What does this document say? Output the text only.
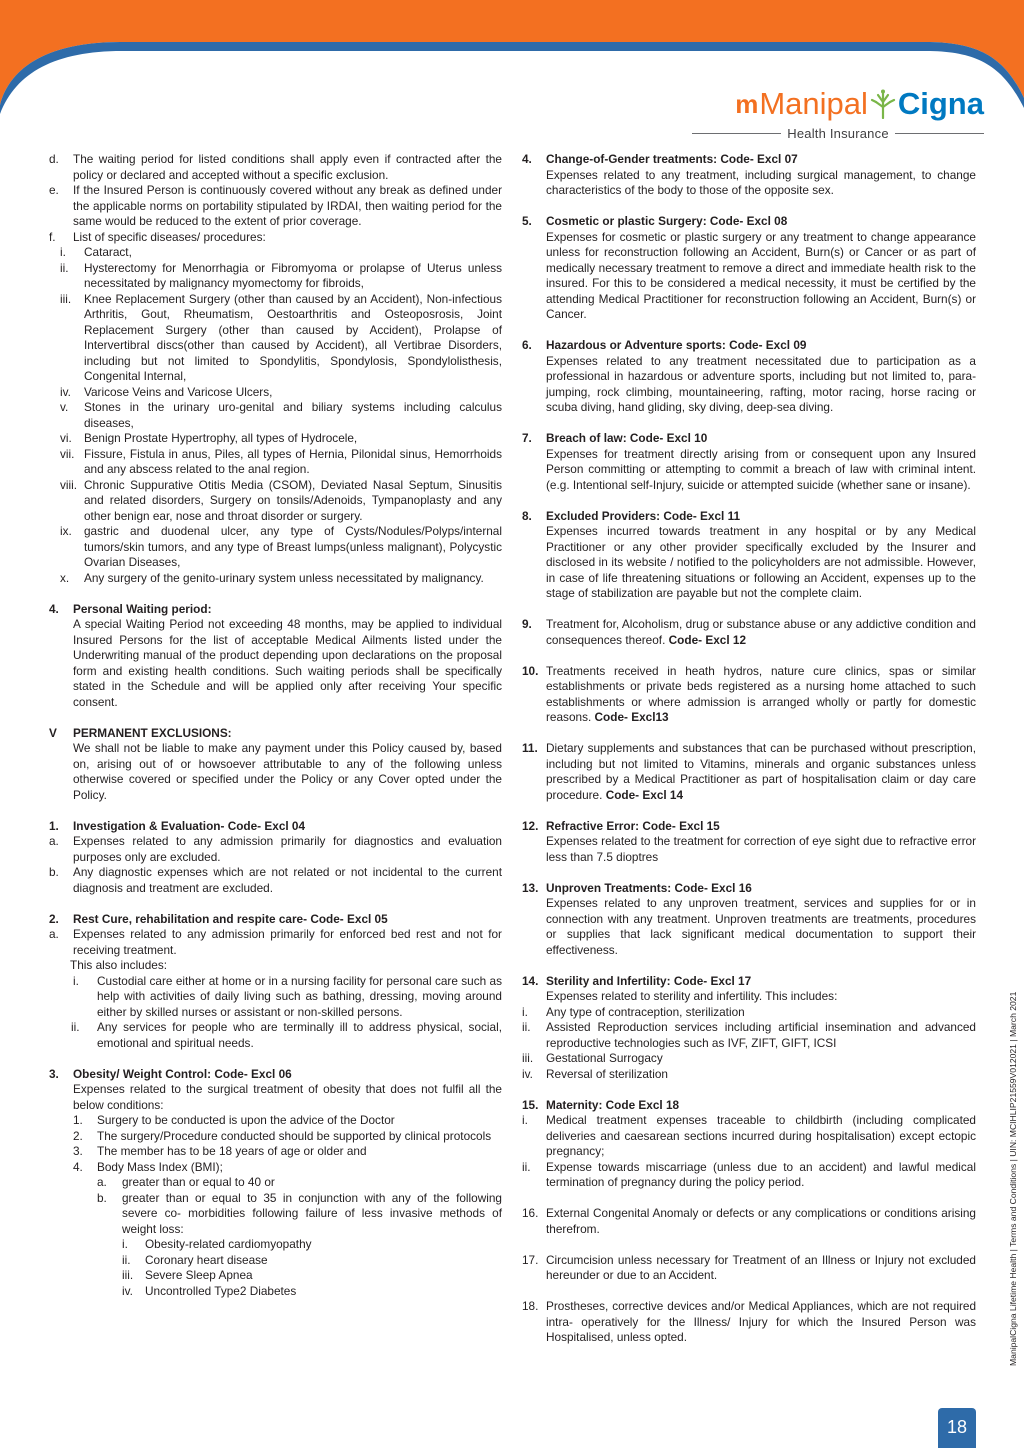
m Manipal Cigna
Health Insurance
d.	The waiting period for listed conditions shall apply even if contracted after the policy or declared and accepted without a specific exclusion.
e.	If the Insured Person is continuously covered without any break as defined under the applicable norms on portability stipulated by IRDAI, then waiting period for the same would be reduced to the extent of prior coverage.
f.	List of specific diseases/ procedures:
i.	Cataract,
ii.	Hysterectomy for Menorrhagia or Fibromyoma or prolapse of Uterus unless necessitated by malignancy myomectomy for fibroids,
iii.	Knee Replacement Surgery (other than caused by an Accident), Non-infectious Arthritis, Gout, Rheumatism, Oestoarthritis and Osteoposrosis, Joint Replacement Surgery (other than caused by Accident), Prolapse of Intervertibral discs(other than caused by Accident), all Vertibrae Disorders, including but not limited to Spondylitis, Spondylosis, Spondylolisthesis, Congenital Internal,
iv.	Varicose Veins and Varicose Ulcers,
v.	Stones in the urinary uro-genital and biliary systems including calculus diseases,
vi.	Benign Prostate Hypertrophy, all types of Hydrocele,
vii. Fissure, Fistula in anus, Piles, all types of Hernia, Pilonidal sinus, Hemorrhoids and any abscess related to the anal region.
viii. Chronic Suppurative Otitis Media (CSOM), Deviated Nasal Septum, Sinusitis and related disorders, Surgery on tonsils/Adenoids, Tympanoplasty and any other benign ear, nose and throat disorder or surgery.
ix.	gastric and duodenal ulcer, any type of Cysts/Nodules/Polyps/internal tumors/skin tumors, and any type of Breast lumps(unless malignant), Polycystic Ovarian Diseases,
x.	Any surgery of the genito-urinary system unless necessitated by malignancy.
4.	Personal Waiting period:
A special Waiting Period not exceeding 48 months, may be applied to individual Insured Persons for the list of acceptable Medical Ailments listed under the Underwriting manual of the product depending upon declarations on the proposal form and existing health conditions. Such waiting periods shall be specifically stated in the Schedule and will be applied only after receiving Your specific consent.
V	PERMANENT EXCLUSIONS:
We shall not be liable to make any payment under this Policy caused by, based on, arising out of or howsoever attributable to any of the following unless otherwise covered or specified under the Policy or any Cover opted under the Policy.
1.	Investigation & Evaluation- Code- Excl 04
a.	Expenses related to any admission primarily for diagnostics and evaluation purposes only are excluded.
b.	Any diagnostic expenses which are not related or not incidental to the current diagnosis and treatment are excluded.
2.	Rest Cure, rehabilitation and respite care- Code- Excl 05
a.	Expenses related to any admission primarily for enforced bed rest and not for receiving treatment.
This also includes:
i.	Custodial care either at home or in a nursing facility for personal care such as help with activities of daily living such as bathing, dressing, moving around either by skilled nurses or assistant or non-skilled persons.
ii.	Any services for people who are terminally ill to address physical, social, emotional and spiritual needs.
3.	Obesity/ Weight Control: Code- Excl 06
Expenses related to the surgical treatment of obesity that does not fulfil all the below conditions:
1.	Surgery to be conducted is upon the advice of the Doctor
2.	The surgery/Procedure conducted should be supported by clinical protocols
3.	The member has to be 18 years of age or older and
4.	Body Mass Index (BMI);
a.	greater than or equal to 40 or
b.	greater than or equal to 35 in conjunction with any of the following severe co- morbidities following failure of less invasive methods of weight loss:
i.	Obesity-related cardiomyopathy
ii.	Coronary heart disease
iii.	Severe Sleep Apnea
iv.	Uncontrolled Type2 Diabetes
4.	Change-of-Gender treatments: Code- Excl 07
Expenses related to any treatment, including surgical management, to change characteristics of the body to those of the opposite sex.
5.	Cosmetic or plastic Surgery: Code- Excl 08
Expenses for cosmetic or plastic surgery or any treatment to change appearance unless for reconstruction following an Accident, Burn(s) or Cancer or as part of medically necessary treatment to remove a direct and immediate health risk to the insured. For this to be considered a medical necessity, it must be certified by the attending Medical Practitioner for reconstruction following an Accident, Burn(s) or Cancer.
6.	Hazardous or Adventure sports: Code- Excl 09
Expenses related to any treatment necessitated due to participation as a professional in hazardous or adventure sports, including but not limited to, para-jumping, rock climbing, mountaineering, rafting, motor racing, horse racing or scuba diving, hand gliding, sky diving, deep-sea diving.
7.	Breach of law: Code- Excl 10
Expenses for treatment directly arising from or consequent upon any Insured Person committing or attempting to commit a breach of law with criminal intent. (e.g. Intentional self-Injury, suicide or attempted suicide (whether sane or insane).
8.	Excluded Providers: Code- Excl 11
Expenses incurred towards treatment in any hospital or by any Medical Practitioner or any other provider specifically excluded by the Insurer and disclosed in its website / notified to the policyholders are not admissible. However, in case of life threatening situations or following an Accident, expenses up to the stage of stabilization are payable but not the complete claim.
9.	Treatment for, Alcoholism, drug or substance abuse or any addictive condition and consequences thereof. Code- Excl 12
10. Treatments received in heath hydros, nature cure clinics, spas or similar establishments or private beds registered as a nursing home attached to such establishments or where admission is arranged wholly or partly for domestic reasons. Code- Excl13
11. Dietary supplements and substances that can be purchased without prescription, including but not limited to Vitamins, minerals and organic substances unless prescribed by a Medical Practitioner as part of hospitalisation claim or day care procedure. Code- Excl 14
12. Refractive Error: Code- Excl 15
Expenses related to the treatment for correction of eye sight due to refractive error less than 7.5 dioptres
13. Unproven Treatments: Code- Excl 16
Expenses related to any unproven treatment, services and supplies for or in connection with any treatment. Unproven treatments are treatments, procedures or supplies that lack significant medical documentation to support their effectiveness.
14. Sterility and Infertility: Code- Excl 17
Expenses related to sterility and infertility. This includes:
i.	Any type of contraception, sterilization
ii.	Assisted Reproduction services including artificial insemination and advanced reproductive technologies such as IVF, ZIFT, GIFT, ICSI
iii.	Gestational Surrogacy
iv.	Reversal of sterilization
15. Maternity: Code Excl 18
i.	Medical treatment expenses traceable to childbirth (including complicated deliveries and caesarean sections incurred during hospitalisation) except ectopic pregnancy;
ii.	Expense towards miscarriage (unless due to an accident) and lawful medical termination of pregnancy during the policy period.
16. External Congenital Anomaly or defects or any complications or conditions arising therefrom.
17. Circumcision unless necessary for Treatment of an Illness or Injury not excluded hereunder or due to an Accident.
18. Prostheses, corrective devices and/or Medical Appliances, which are not required intra- operatively for the Illness/ Injury for which the Insured Person was Hospitalised, unless opted.	ManipalCigna Lifetime Health | Terms and Conditions | UIN: MCIHLIP21559V012021 | March 2021
18
